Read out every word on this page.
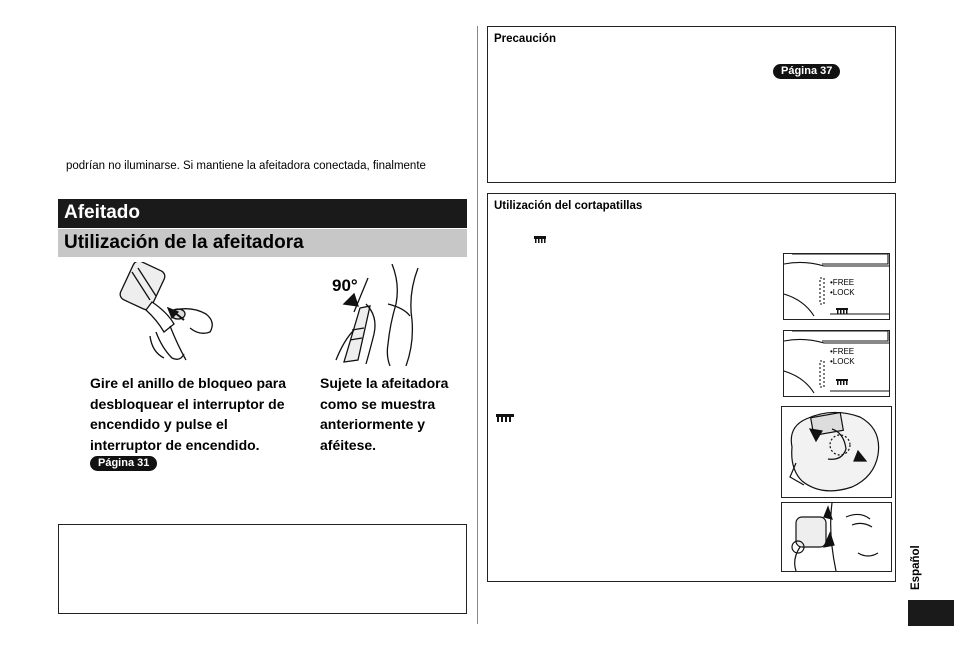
podrían no iluminarse. Si mantiene la afeitadora conectada, finalmente
Afeitado
Utilización de la afeitadora
90°
Gire el anillo de bloqueo para
desbloquear el interruptor de
encendido y pulse el
interruptor de encendido.
Página 31
Sujete la afeitadora
como se muestra
anteriormente y
aféitese.
Precaución
Página 37
Utilización del cortapatillas
•FREE
•LOCK
•FREE
•LOCK
Español
